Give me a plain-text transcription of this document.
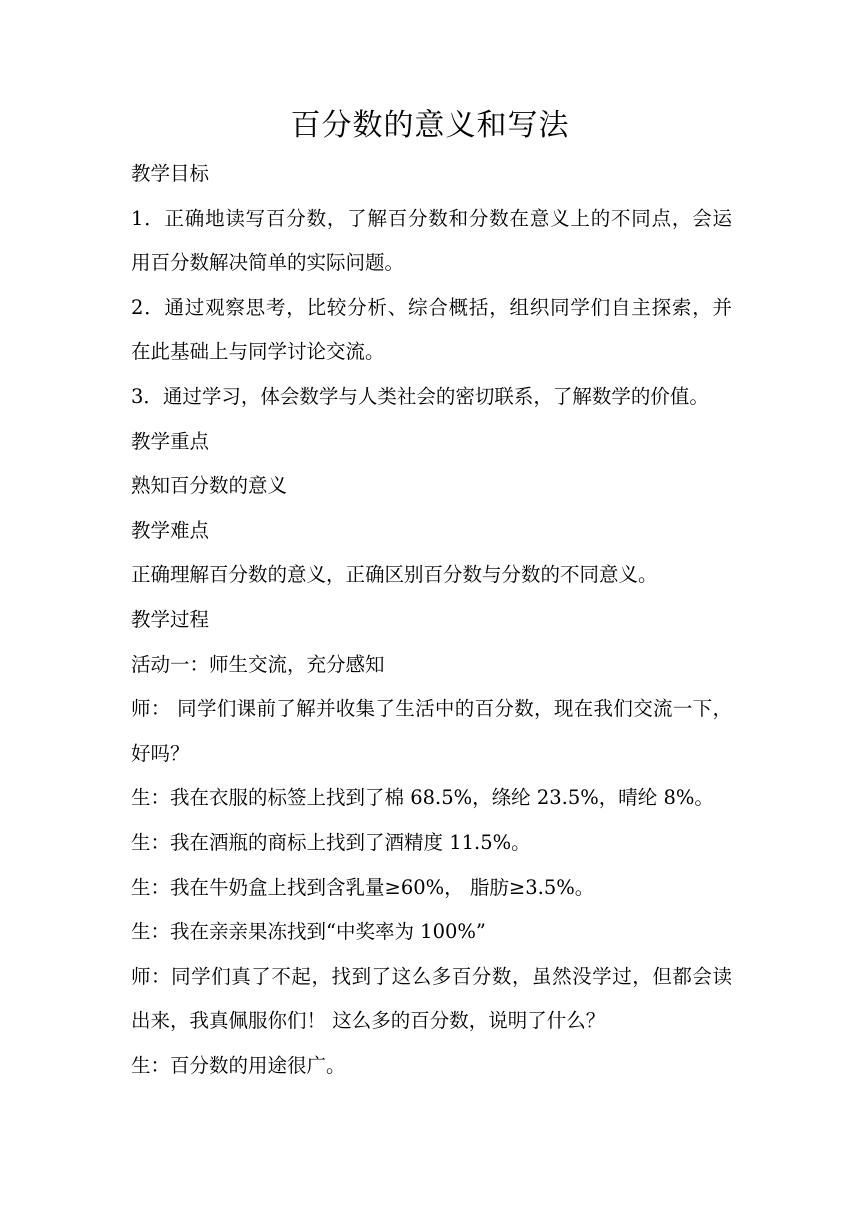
百分数的意义和写法
教学目标
1．正确地读写百分数，了解百分数和分数在意义上的不同点，会运
用百分数解决简单的实际问题。
2．通过观察思考，比较分析、综合概括，组织同学们自主探索，并
在此基础上与同学讨论交流。
3．通过学习，体会数学与人类社会的密切联系，了解数学的价值。
教学重点
熟知百分数的意义
教学难点
正确理解百分数的意义，正确区别百分数与分数的不同意义。
教学过程
活动一：师生交流，充分感知
师： 同学们课前了解并收集了生活中的百分数，现在我们交流一下，
好吗？
生：我在衣服的标签上找到了棉 68.5%，绦纶 23.5%，晴纶 8%。
生：我在酒瓶的商标上找到了酒精度 11.5%。
生：我在牛奶盒上找到含乳量≥60%， 脂肪≥3.5%。
生：我在亲亲果冻找到“中奖率为 100%”
师：同学们真了不起，找到了这么多百分数，虽然没学过，但都会读
出来，我真佩服你们！ 这么多的百分数，说明了什么？
生：百分数的用途很广。
